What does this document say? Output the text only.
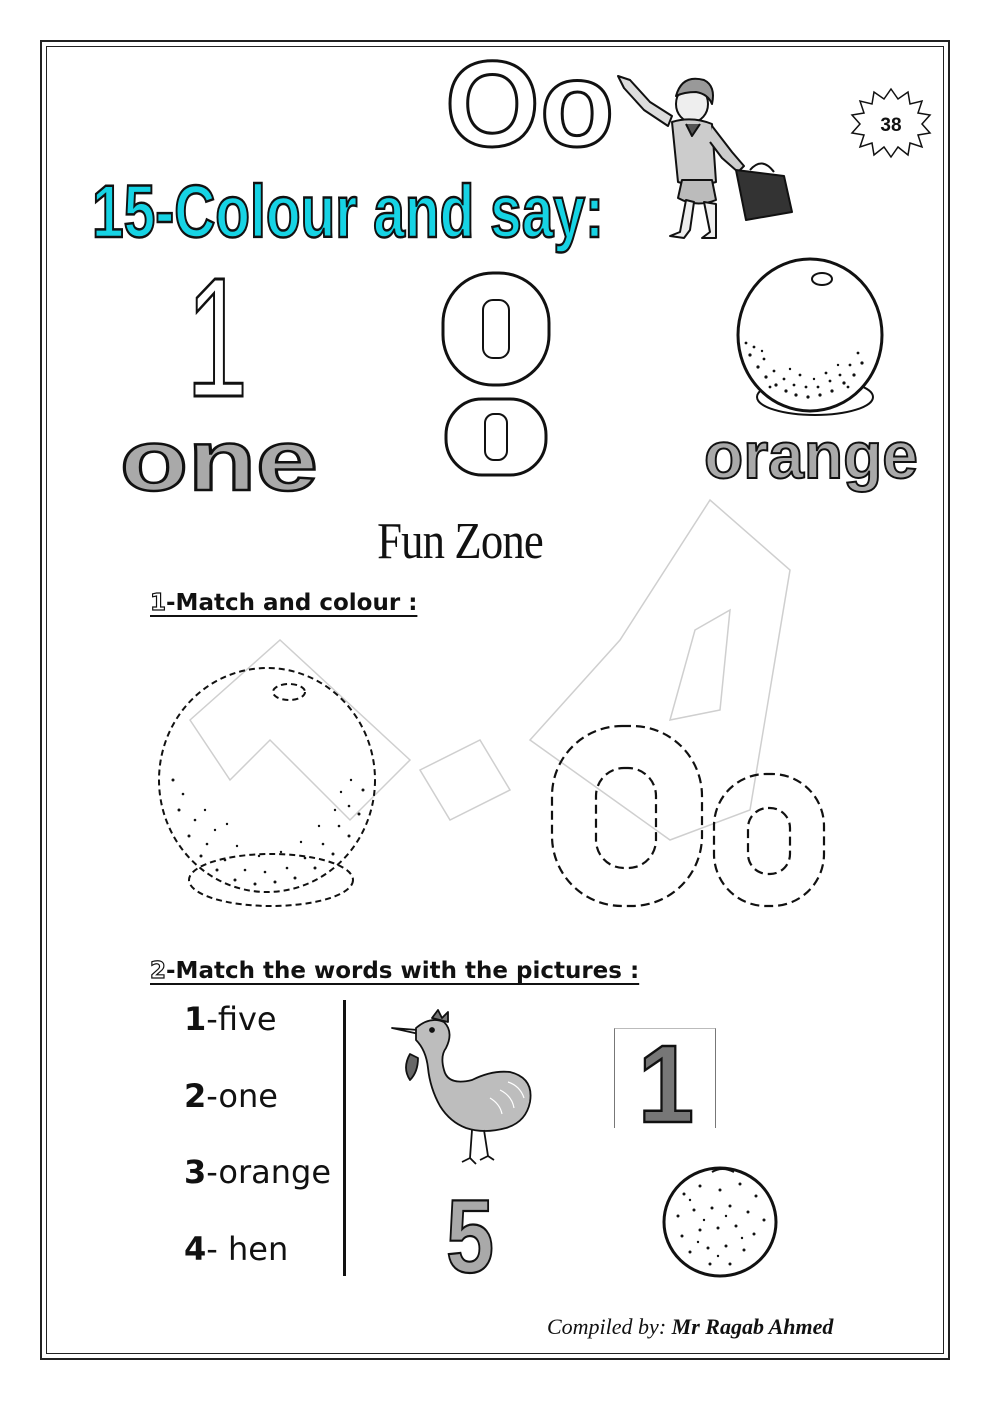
Oo	38
15-Colour and say:
1
one	orange
Fun Zone
1-Match and colour :
2-Match the words with the pictures :
1-five
2-one
3-orange
4- hen
1
5
Compiled by: Mr Ragab Ahmed
